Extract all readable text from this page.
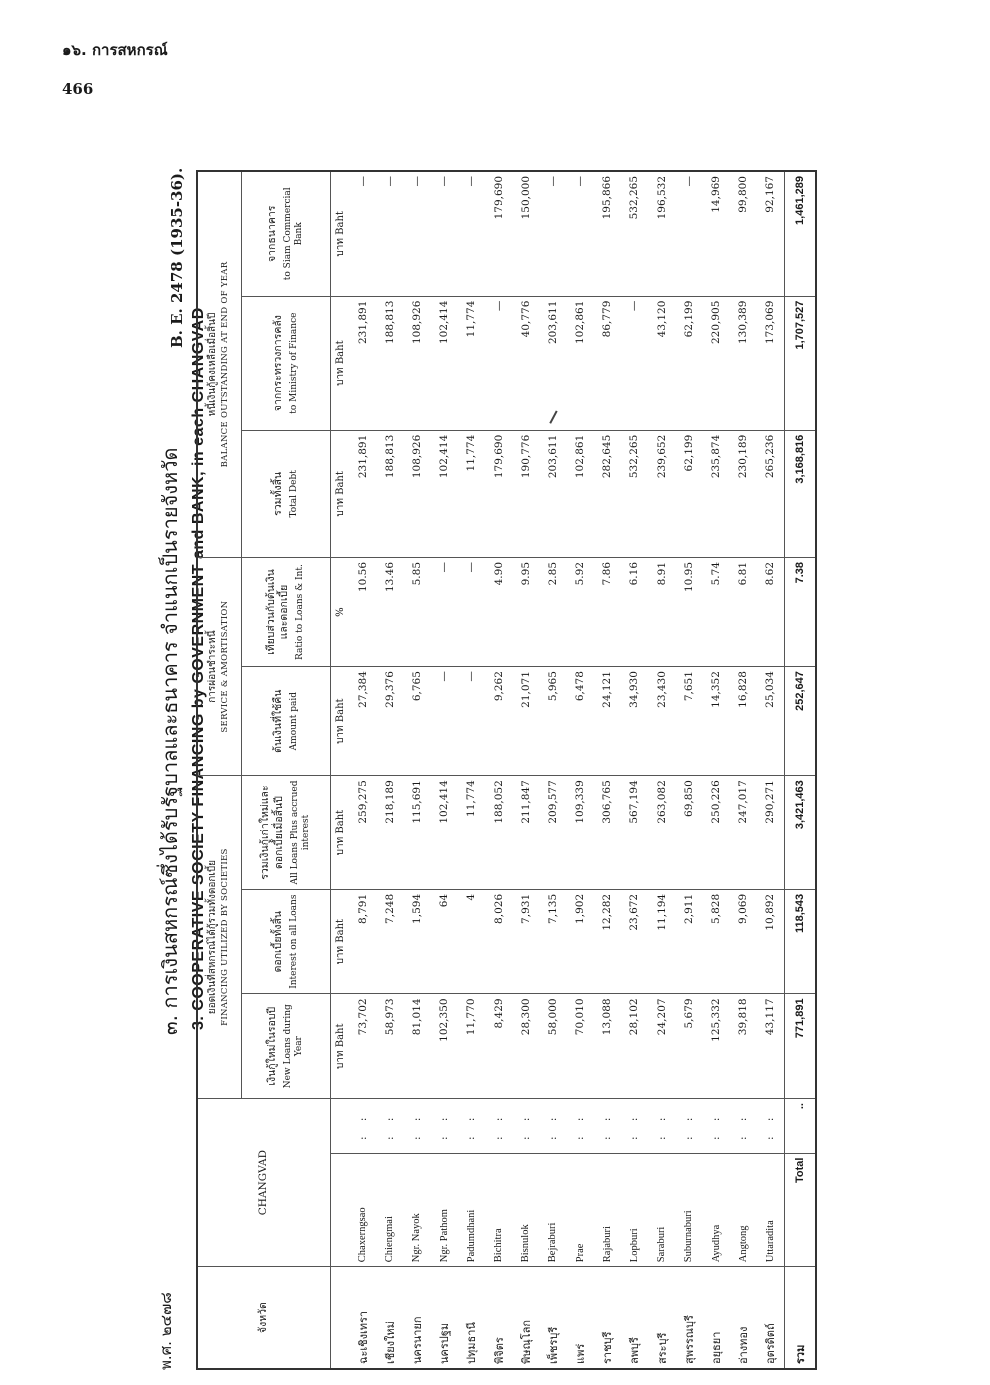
๑๖. การสหกรณ์
466
พ.ศ. ๒๔๗๘
๓. การเงินสหกรณ์ซึ่งได้รับรัฐบาลและธนาคาร จำแนกเป็นรายจังหวัด 3. COOPERATIVE SOCIETY FINANCING by GOVERNMENT and BANK, in each CHANGVAD
B. E. 2478 (1935-36).
จังหวัด	CHANGVAD		ยอดเงินที่สหกรณ์ได้กู้รวมทั้งดอกเบี้ย FINANCING UTILIZED BY SOCIETIES			การผ่อนชำระหนี้ SERVICE & AMORTISATION		หนี้เงินกู้คงเหลือเมื่อสิ้นปี BALANCE OUTSTANDING AT END OF YEAR		
			เงินกู้ใหม่ในรอบปี New Loans during Year	ดอกเบี้ยทั้งสิ้น Interest on all Loans	รวมเงินกู้เก่าใหม่และดอกเบี้ยเมื่อสิ้นปี All Loans Plus accrued interest	ต้นเงินที่ใช้คืน Amount paid	เทียบส่วนกับต้นเงินและดอกเบี้ย Ratio to Loans & Int.	รวมทั้งสิ้น Total Debt	จากกระทรวงการคลัง to Ministry of Finance	จากธนาคาร to Siam Commercial Bank

			บาท Baht	บาท Baht	บาท Baht	บาท Baht	%	บาท Baht	บาท Baht	บาท Baht
ฉะเชิงเทรา	Chaxerngsao	: :	73,702	8,791	259,275	27,384	10.56	231,891	231,891	—
เชียงใหม่	Chiengmai	: :	58,973	7,248	218,189	29,376	13.46	188,813	188,813	—
นครนายก	Ngr. Nayok	: :	81,014	1,594	115,691	6,765	5.85	108,926	108,926	—
นครปฐม	Ngr. Pathom	: :	102,350	64	102,414	—	—	102,414	102,414	—
ปทุมธานี	Padumdhani	: :	11,770	4	11,774	—	—	11,774	11,774	—
พิจิตร	Bichitra	: :	8,429	8,026	188,052	9,262	4.90	179,690	—	179,690
พิษณุโลก	Bisnulok	: :	28,300	7,931	211,847	21,071	9.95	190,776	40,776	150,000
เพ็ชรบุรี	Bejraburi	: :	58,000	7,135	209,577	5,965	2.85	203,611	203,611	—
แพร่	Prae	: :	70,010	1,902	109,339	6,478	5.92	102,861	102,861	—
ราชบุรี	Rajaburi	: :	13,088	12,282	306,765	24,121	7.86	282,645	86,779	195,866
ลพบุรี	Lopburi	: :	28,102	23,672	567,194	34,930	6.16	532,265	—	532,265
สระบุรี	Saraburi	: :	24,207	11,194	263,082	23,430	8.91	239,652	43,120	196,532
สุพรรณบุรี	Suburnaburi	: :	5,679	2,911	69,850	7,651	10.95	62,199	62,199	—
อยุธยา	Ayudhya	: :	125,332	5,828	250,226	14,352	5.74	235,874	220,905	14,969
อ่างทอง	Angtong	: :	39,818	9,069	247,017	16,828	6.81	230,189	130,389	99,800
อุตรดิตถ์	Uttaradita	: :	43,117	10,892	290,271	25,034	8.62	265,236	173,069	92,167
รวม	Total	..	771,891	118,543	3,421,463	252,647	7.38	3,168,816	1,707,527	1,461,289
